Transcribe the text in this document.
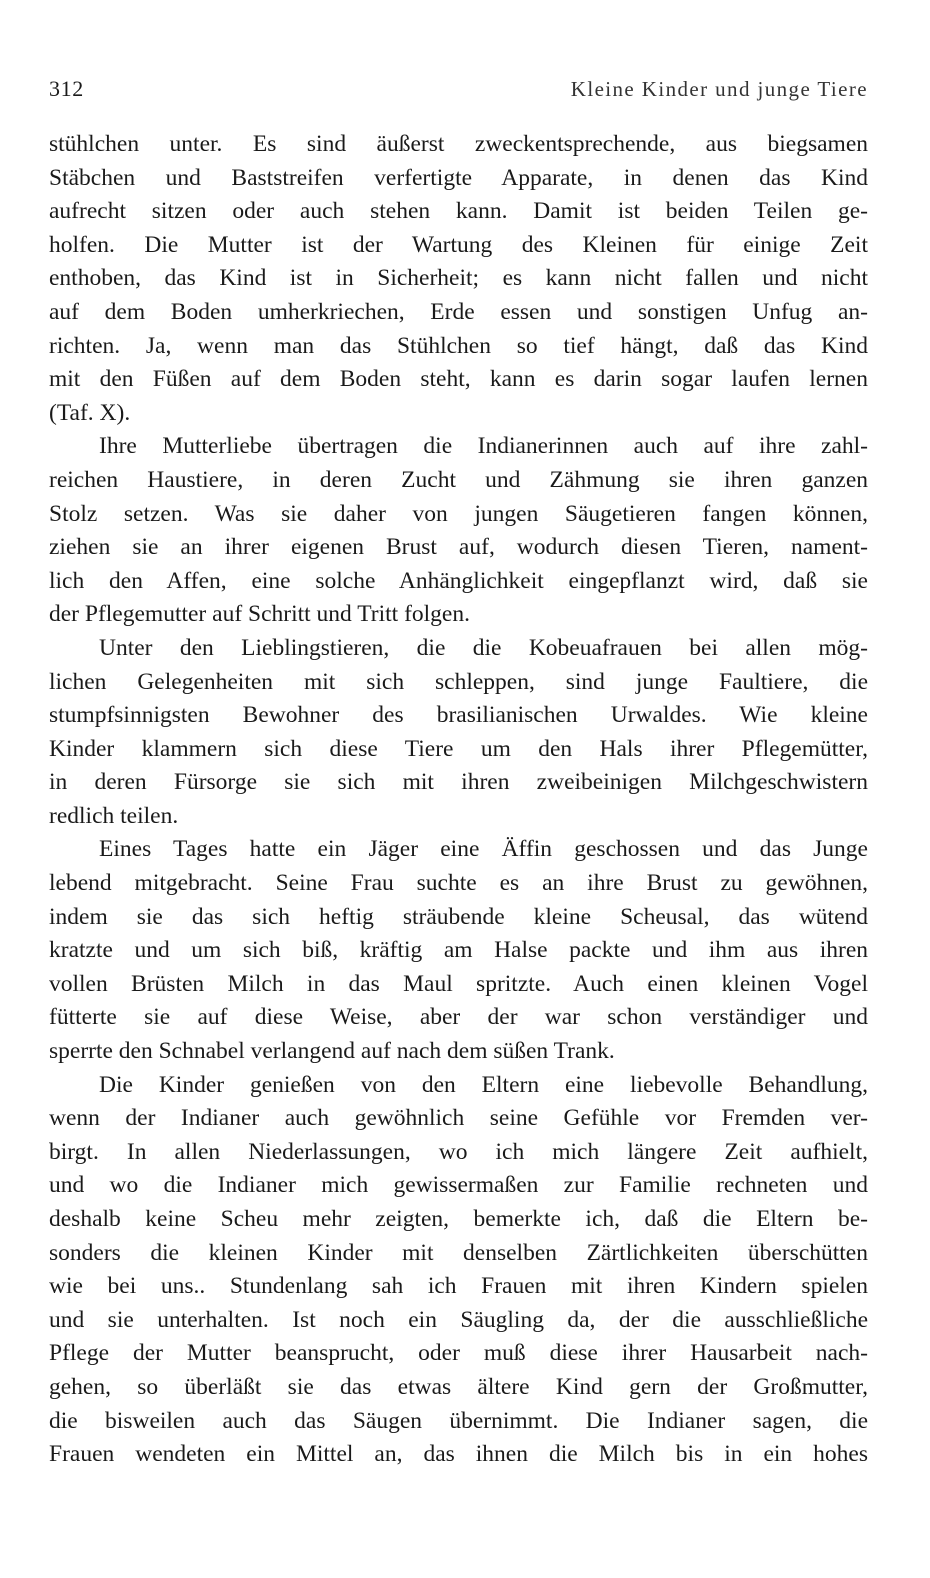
312	Kleine Kinder und junge Tiere
stühlchen unter. Es sind äußerst zweckentsprechende, aus biegsamen
Stäbchen und Baststreifen verfertigte Apparate, in denen das Kind
aufrecht sitzen oder auch stehen kann. Damit ist beiden Teilen ge-
holfen. Die Mutter ist der Wartung des Kleinen für einige Zeit
enthoben, das Kind ist in Sicherheit; es kann nicht fallen und nicht
auf dem Boden umherkriechen, Erde essen und sonstigen Unfug an-
richten. Ja, wenn man das Stühlchen so tief hängt, daß das Kind
mit den Füßen auf dem Boden steht, kann es darin sogar laufen lernen
(Taf. X).
Ihre Mutterliebe übertragen die Indianerinnen auch auf ihre zahl-
reichen Haustiere, in deren Zucht und Zähmung sie ihren ganzen
Stolz setzen. Was sie daher von jungen Säugetieren fangen können,
ziehen sie an ihrer eigenen Brust auf, wodurch diesen Tieren, nament-
lich den Affen, eine solche Anhänglichkeit eingepflanzt wird, daß sie
der Pflegemutter auf Schritt und Tritt folgen.
Unter den Lieblingstieren, die die Kobeuafrauen bei allen mög-
lichen Gelegenheiten mit sich schleppen, sind junge Faultiere, die
stumpfsinnigsten Bewohner des brasilianischen Urwaldes. Wie kleine
Kinder klammern sich diese Tiere um den Hals ihrer Pflegemütter,
in deren Fürsorge sie sich mit ihren zweibeinigen Milchgeschwistern
redlich teilen.
Eines Tages hatte ein Jäger eine Äffin geschossen und das Junge
lebend mitgebracht. Seine Frau suchte es an ihre Brust zu gewöhnen,
indem sie das sich heftig sträubende kleine Scheusal, das wütend
kratzte und um sich biß, kräftig am Halse packte und ihm aus ihren
vollen Brüsten Milch in das Maul spritzte. Auch einen kleinen Vogel
fütterte sie auf diese Weise, aber der war schon verständiger und
sperrte den Schnabel verlangend auf nach dem süßen Trank.
Die Kinder genießen von den Eltern eine liebevolle Behandlung,
wenn der Indianer auch gewöhnlich seine Gefühle vor Fremden ver-
birgt. In allen Niederlassungen, wo ich mich längere Zeit aufhielt,
und wo die Indianer mich gewissermaßen zur Familie rechneten und
deshalb keine Scheu mehr zeigten, bemerkte ich, daß die Eltern be-
sonders die kleinen Kinder mit denselben Zärtlichkeiten überschütten
wie bei uns.. Stundenlang sah ich Frauen mit ihren Kindern spielen
und sie unterhalten. Ist noch ein Säugling da, der die ausschließliche
Pflege der Mutter beansprucht, oder muß diese ihrer Hausarbeit nach-
gehen, so überläßt sie das etwas ältere Kind gern der Großmutter,
die bisweilen auch das Säugen übernimmt. Die Indianer sagen, die
Frauen wendeten ein Mittel an, das ihnen die Milch bis in ein hohes
